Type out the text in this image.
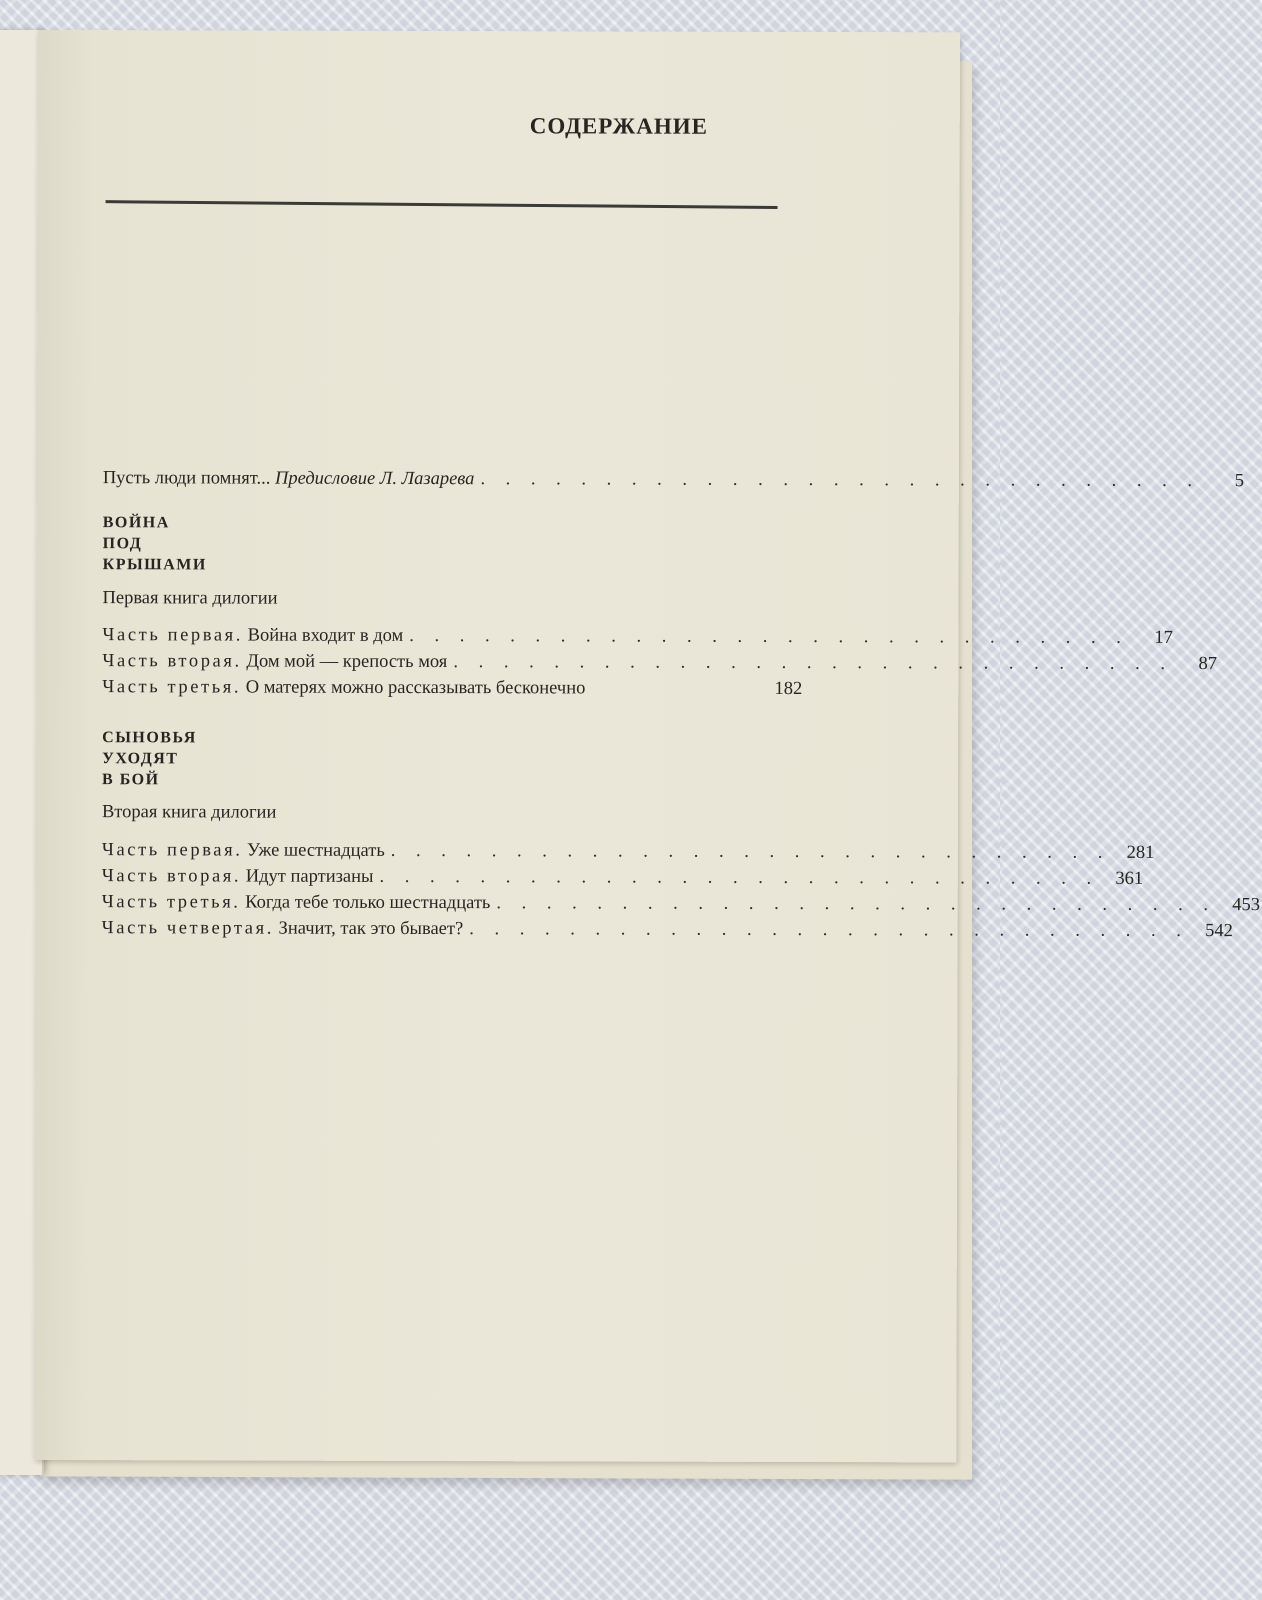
СОДЕРЖАНИЕ
Пусть люди помнят... Предисловие Л. Лазарева . . . . . . . . . . . . . . . . . . . . . . . . . . . . .	5
ВОЙНА
ПОД
КРЫШАМИ
Первая книга дилогии
Часть первая. Война входит в дом . . . . . . . . . . . . . . . . . . . . . . . . . . . . .	17
Часть вторая. Дом мой — крепость моя . . . . . . . . . . . . . . . . . . . . . . . . . . . . .	87
Часть третья. О матерях можно рассказывать бесконечно	182
СЫНОВЬЯ
УХОДЯТ
В БОЙ
Вторая книга дилогии
Часть первая. Уже шестнадцать . . . . . . . . . . . . . . . . . . . . . . . . . . . . . 281
Часть вторая. Идут партизаны . . . . . . . . . . . . . . . . . . . . . . . . . . . . . 361
Часть третья. Когда тебе только шестнадцать . . . . . . . . . . . . . . . . . . . . . . . . . . . . . 453
Часть четвертая. Значит, так это бывает? . . . . . . . . . . . . . . . . . . . . . . . . . . . . . 542
